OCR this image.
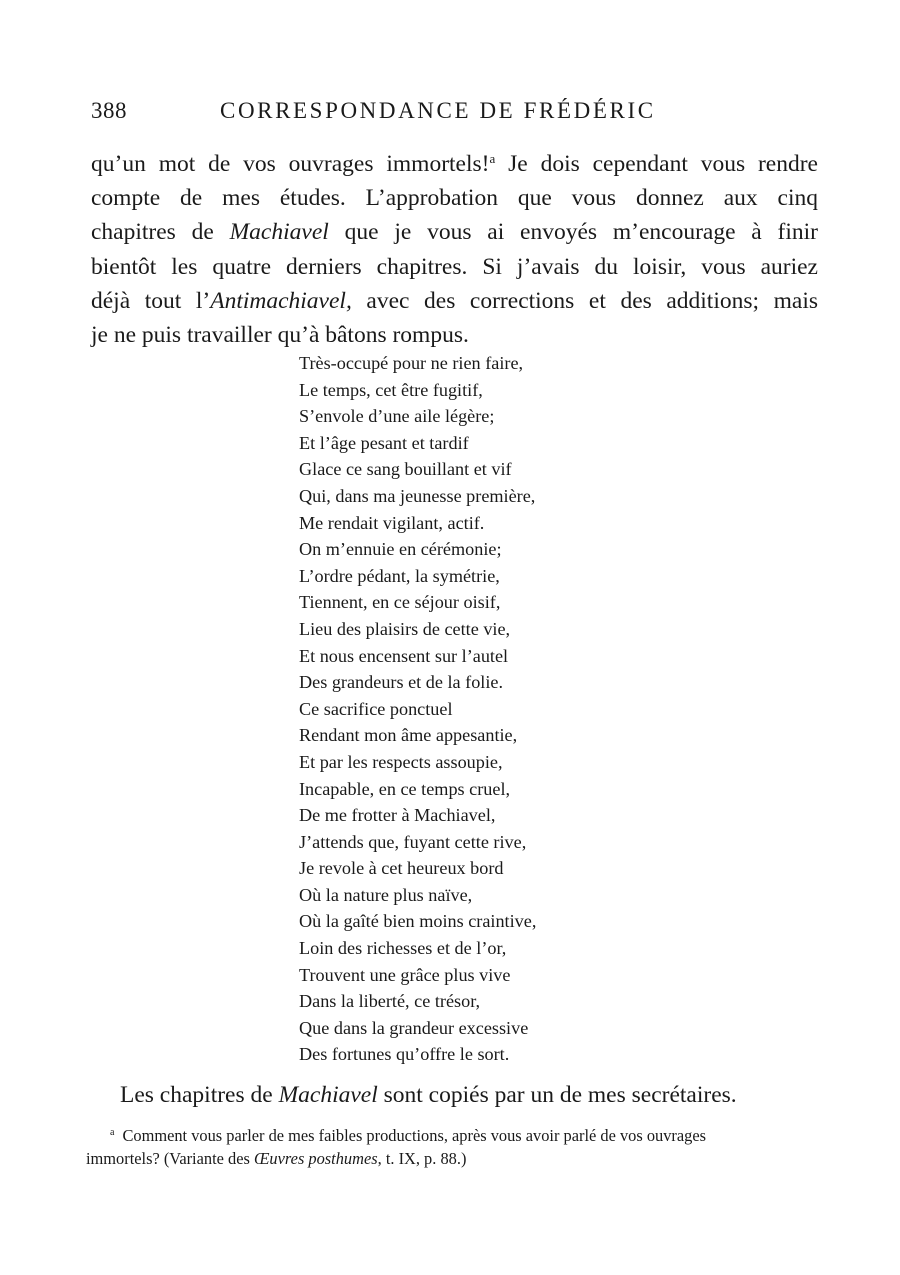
388	CORRESPONDANCE DE FRÉDÉRIC
qu’un mot de vos ouvrages immortels!$^a$ Je dois cependant vous rendre
compte de mes études. L’approbation que vous donnez aux cinq
chapitres de Machiavel que je vous ai envoyés m’encourage à finir
bientôt les quatre derniers chapitres. Si j’avais du loisir, vous auriez
déjà tout l’Antimachiavel, avec des corrections et des additions; mais
je ne puis travailler qu’à bâtons rompus.
Très-occupé pour ne rien faire,
Le temps, cet être fugitif,
S’envole d’une aile légère;
Et l’âge pesant et tardif
Glace ce sang bouillant et vif
Qui, dans ma jeunesse première,
Me rendait vigilant, actif.
On m’ennuie en cérémonie;
L’ordre pédant, la symétrie,
Tiennent, en ce séjour oisif,
Lieu des plaisirs de cette vie,
Et nous encensent sur l’autel
Des grandeurs et de la folie.
Ce sacrifice ponctuel
Rendant mon âme appesantie,
Et par les respects assoupie,
Incapable, en ce temps cruel,
De me frotter à Machiavel,
J’attends que, fuyant cette rive,
Je revole à cet heureux bord
Où la nature plus naïve,
Où la gaîté bien moins craintive,
Loin des richesses et de l’or,
Trouvent une grâce plus vive
Dans la liberté, ce trésor,
Que dans la grandeur excessive
Des fortunes qu’offre le sort.
Les chapitres de Machiavel sont copiés par un de mes secrétaires.
$^a$ Comment vous parler de mes faibles productions, après vous avoir parlé de vos ouvrages
immortels? (Variante des Œuvres posthumes, t. IX, p. 88.)
